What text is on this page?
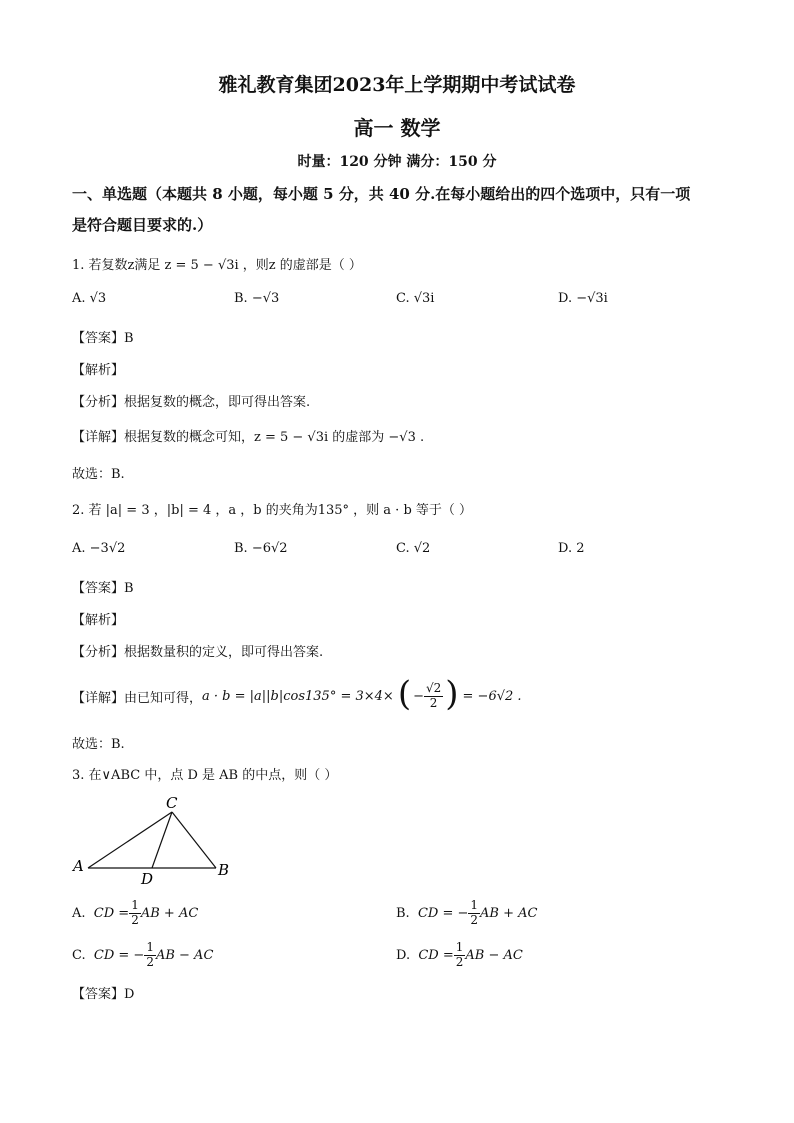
雅礼教育集团2023年上学期期中考试试卷
高一 数学
时量：120 分钟 满分：150 分
一、单选题（本题共 8 小题，每小题 5 分，共 40 分.在每小题给出的四个选项中，只有一项
是符合题目要求的.）
1. 若复数z满足 z = 5 − √3i ，则z 的虚部是（ ）
A. √3	B. −√3	C. √3i	D. −√3i
【答案】B
【解析】
【分析】根据复数的概念，即可得出答案.
【详解】根据复数的概念可知，z = 5 − √3i 的虚部为 −√3 .
故选：B.
2. 若 |a| = 3 ，|b| = 4 ，a ，b 的夹角为135° ，则 a · b 等于（ ）
A. −3√2	B. −6√2	C. √2	D. 2
【答案】B
【解析】
【分析】根据数量积的定义，即可得出答案.
【详解】由已知可得， a · b = |a||b|cos135° = 3×4× ( − $\frac{√2}{2}$ ) = −6√2 .
故选：B.
3. 在∨ABC 中，点 D 是 AB 的中点，则（ ）
C
A
D	B
A.
CD = $\frac{1}{2}$ AB + AC	B.
CD = − $\frac{1}{2}$ AB + AC
C.
CD = − $\frac{1}{2}$ AB − AC	D.
CD = $\frac{1}{2}$ AB − AC
【答案】D
